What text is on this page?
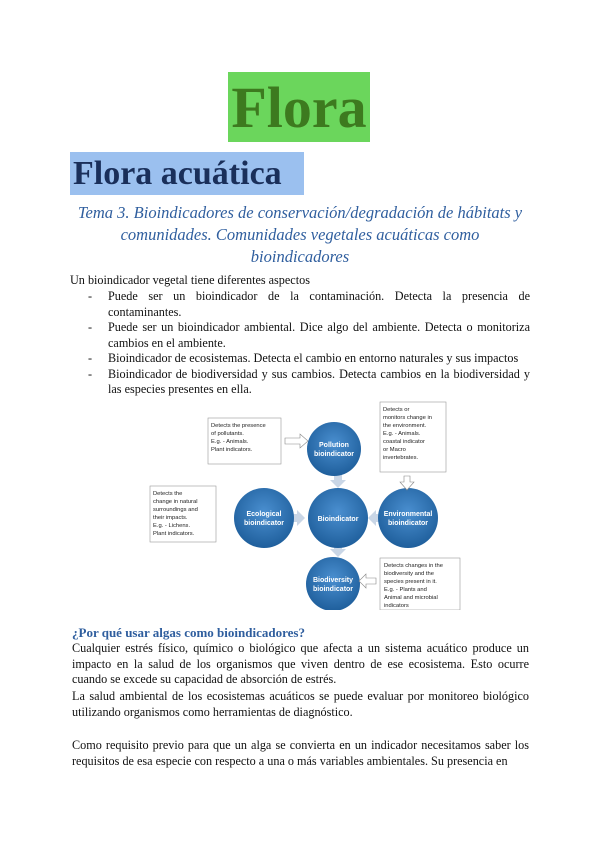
Flora
Flora acuática
Tema 3. Bioindicadores de conservación/degradación de hábitats y comunidades. Comunidades vegetales acuáticas como bioindicadores
Un bioindicador vegetal tiene diferentes aspectos
- Puede ser un bioindicador de la contaminación. Detecta la presencia de contaminantes.
- Puede ser un bioindicador ambiental. Dice algo del ambiente. Detecta o monitoriza cambios en el ambiente.
- Bioindicador de ecosistemas. Detecta el cambio en entorno naturales y sus impactos
- Bioindicador de biodiversidad y sus cambios. Detecta cambios en la biodiversidad y las especies presentes en ella.
Bioindicator
Pollution
bioindicator
Environmental
bioindicator
Ecological
bioindicator
Biodiversity
bioindicator
Detects the presence
of pollutants.
E.g. - Animals.
Plant indicators.
Detects or
monitors change in
the environment.
E.g. - Animals.
coastal indicator
or Macro
invertebrates.
Detects the
change in natural
surroundings and
their impacts.
E.g. - Lichens.
Plant indicators.
Detects changes in the
biodiversity and the
species present in it.
E.g. - Plants and
Animal and microbial
indicators
¿Por qué usar algas como bioindicadores?
Cualquier estrés físico, químico o biológico que afecta a un sistema acuático produce un impacto en la salud de los organismos que viven dentro de ese ecosistema. Esto ocurre cuando se excede su capacidad de absorción de estrés.
La salud ambiental de los ecosistemas acuáticos se puede evaluar por monitoreo biológico utilizando organismos como herramientas de diagnóstico.
Como requisito previo para que un alga se convierta en un indicador necesitamos saber los requisitos de esa especie con respecto a una o más variables ambientales. Su presencia en
